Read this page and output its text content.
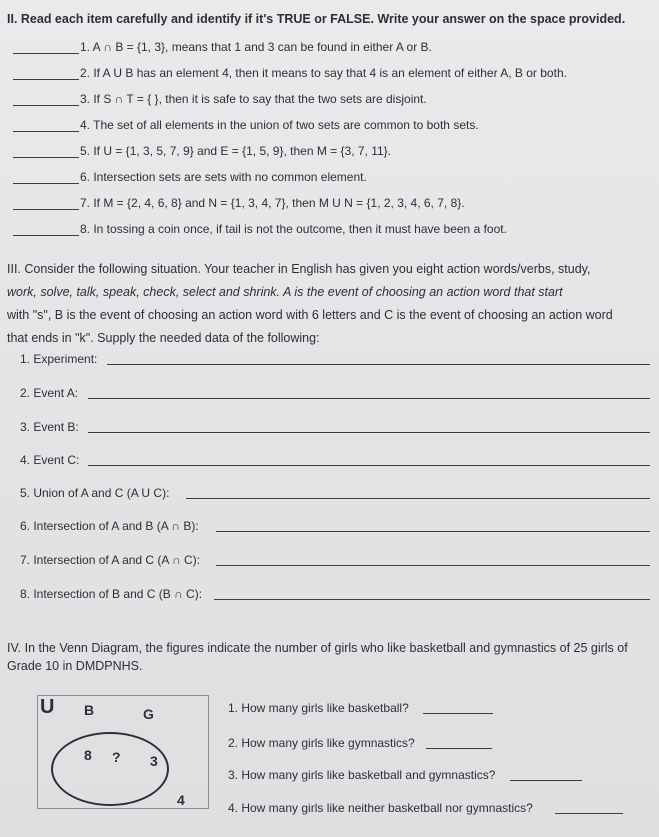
II. Read each item carefully and identify if it's TRUE or FALSE. Write your answer on the space provided.
1. A ∩ B = {1, 3}, means that 1 and 3 can be found in either A or B.
2. If A U B has an element 4, then it means to say that 4 is an element of either A, B or both.
3. If S ∩ T = { }, then it is safe to say that the two sets are disjoint.
4. The set of all elements in the union of two sets are common to both sets.
5. If U = {1, 3, 5, 7, 9} and E = {1, 5, 9}, then M = {3, 7, 11}.
6. Intersection sets are sets with no common element.
7. If M = {2, 4, 6, 8} and N = {1, 3, 4, 7}, then M U N = {1, 2, 3, 4, 6, 7, 8}.
8. In tossing a coin once, if tail is not the outcome, then it must have been a foot.
III. Consider the following situation. Your teacher in English has given you eight action words/verbs, study,
work, solve, talk, speak, check, select and shrink. A is the event of choosing an action word that start
with "s", B is the event of choosing an action word with 6 letters and C is the event of choosing an action word
that ends in "k". Supply the needed data of the following:
1. Experiment:
2. Event A:
3. Event B:
4. Event C:
5. Union of A and C (A U C):
6. Intersection of A and B (A ∩ B):
7. Intersection of A and C (A ∩ C):
8. Intersection of B and C (B ∩ C):
IV. In the Venn Diagram, the figures indicate the number of girls who like basketball and gymnastics of 25 girls of
Grade 10 in DMDPNHS.
U B	G
8 ? 3
4
1. How many girls like basketball?
2. How many girls like gymnastics?
3. How many girls like basketball and gymnastics?
4. How many girls like neither basketball nor gymnastics?
